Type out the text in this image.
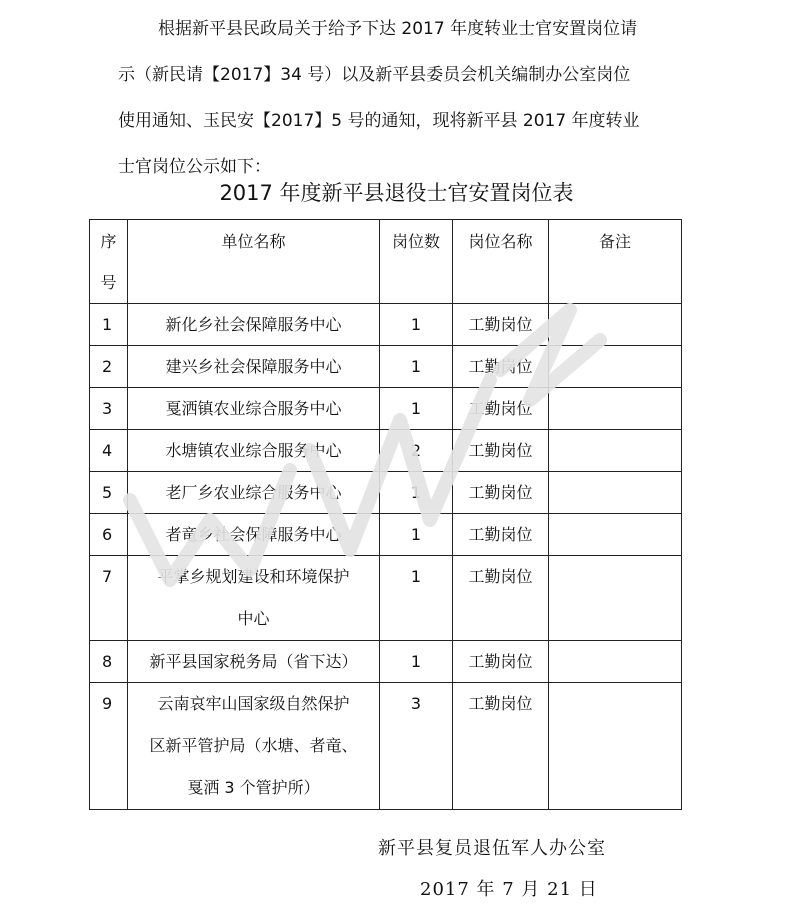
根据新平县民政局关于给予下达 2017 年度转业士官安置岗位请
示（新民请【2017】34 号）以及新平县委员会机关编制办公室岗位
使用通知、玉民安【2017】5 号的通知，现将新平县 2017 年度转业
士官岗位公示如下：
2017 年度新平县退役士官安置岗位表
序
号	单位名称	岗位数	岗位名称	备注
1	新化乡社会保障服务中心	1	工勤岗位	
2	建兴乡社会保障服务中心	1	工勤岗位	
3	戛洒镇农业综合服务中心	1	工勤岗位	
4	水塘镇农业综合服务中心	2	工勤岗位	
5	老厂乡农业综合服务中心	1	工勤岗位	
6	者竜乡社会保障服务中心	1	工勤岗位	
7	平掌乡规划建设和环境保护
中心	1	工勤岗位	
8	新平县国家税务局（省下达）	1	工勤岗位	
9	云南哀牢山国家级自然保护
区新平管护局（水塘、者竜、
戛洒 3 个管护所）	3	工勤岗位	
新平县复员退伍军人办公室
2017 年 7 月 21 日
